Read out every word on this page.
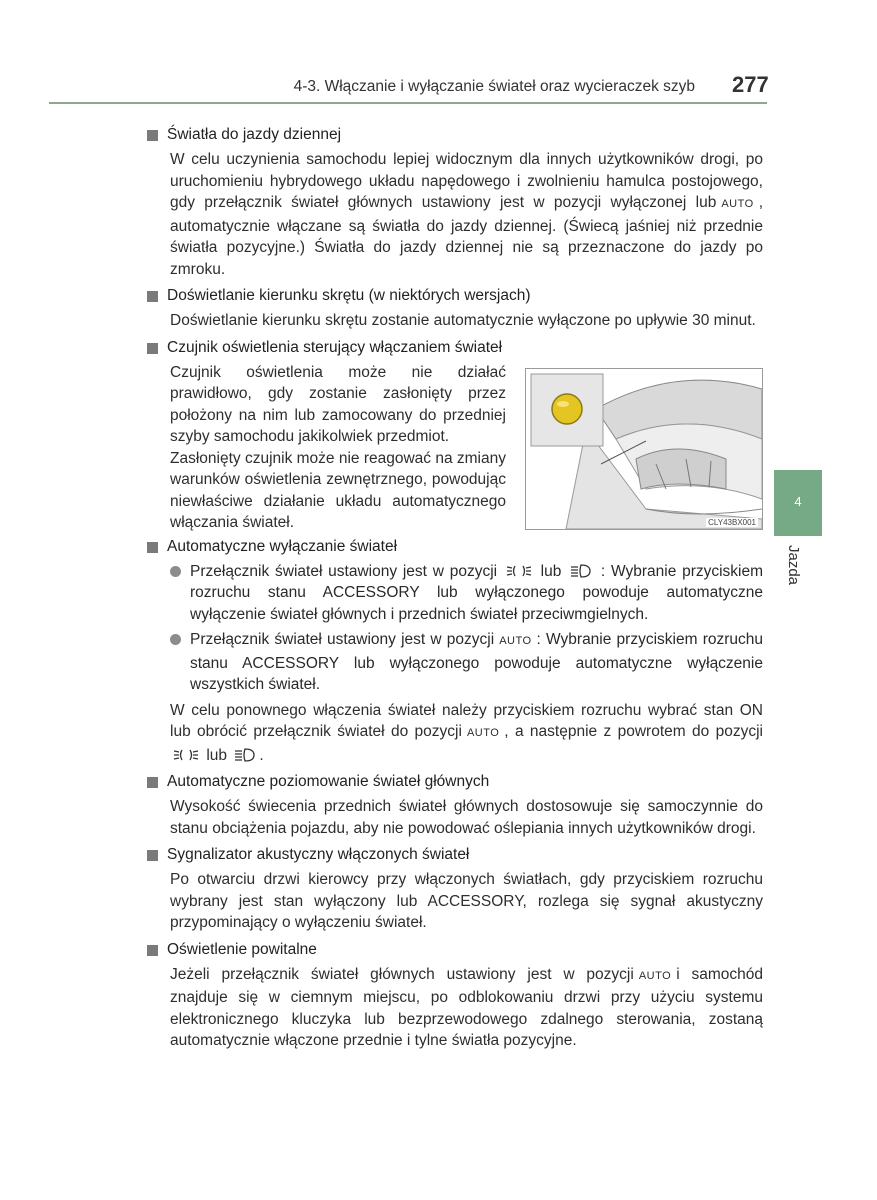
4-3. Włączanie i wyłączanie świateł oraz wycieraczek szyb 277
4
Jazda
Światła do jazdy dziennej
W celu uczynienia samochodu lepiej widocznym dla innych użytkowników drogi, po uruchomieniu hybrydowego układu napędowego i zwolnieniu hamulca postojowego, gdy przełącznik świateł głównych ustawiony jest w pozycji wyłączonej lub AUTO , automatycznie włączane są światła do jazdy dziennej. (Świecą jaśniej niż przednie światła pozycyjne.) Światła do jazdy dziennej nie są przeznaczone do jazdy po zmroku.
Doświetlanie kierunku skrętu (w niektórych wersjach)
Doświetlanie kierunku skrętu zostanie automatycznie wyłączone po upływie 30 minut.
Czujnik oświetlenia sterujący włączaniem świateł
Czujnik oświetlenia może nie działać prawidłowo, gdy zostanie zasłonięty przez położony na nim lub zamocowany do przedniej szyby samochodu jakikolwiek przedmiot.
Zasłonięty czujnik może nie reagować na zmiany warunków oświetlenia zewnętrznego, powodując niewłaściwe działanie układu automatycznego włączania świateł.	CLY43BX001
Automatyczne wyłączanie świateł
Przełącznik świateł ustawiony jest w pozycji	lub	: Wybranie przyciskiem rozruchu stanu ACCESSORY lub wyłączonego powoduje automatyczne wyłączenie świateł głównych i przednich świateł przeciwmgielnych.
Przełącznik świateł ustawiony jest w pozycji AUTO : Wybranie przyciskiem rozruchu stanu ACCESSORY lub wyłączonego powoduje automatyczne wyłączenie wszystkich świateł.
W celu ponownego włączenia świateł należy przyciskiem rozruchu wybrać stan ON lub obrócić przełącznik świateł do pozycji AUTO , a następnie z powrotem do pozycji  lub .
Automatyczne poziomowanie świateł głównych
Wysokość świecenia przednich świateł głównych dostosowuje się samoczynnie do stanu obciążenia pojazdu, aby nie powodować oślepiania innych użytkowników drogi.
Sygnalizator akustyczny włączonych świateł
Po otwarciu drzwi kierowcy przy włączonych światłach, gdy przyciskiem rozruchu wybrany jest stan wyłączony lub ACCESSORY, rozlega się sygnał akustyczny przypominający o wyłączeniu świateł.
Oświetlenie powitalne
Jeżeli przełącznik świateł głównych ustawiony jest w pozycji AUTO i samochód znajduje się w ciemnym miejscu, po odblokowaniu drzwi przy użyciu systemu elektronicznego kluczyka lub bezprzewodowego zdalnego sterowania, zostaną automatycznie włączone przednie i tylne światła pozycyjne.
